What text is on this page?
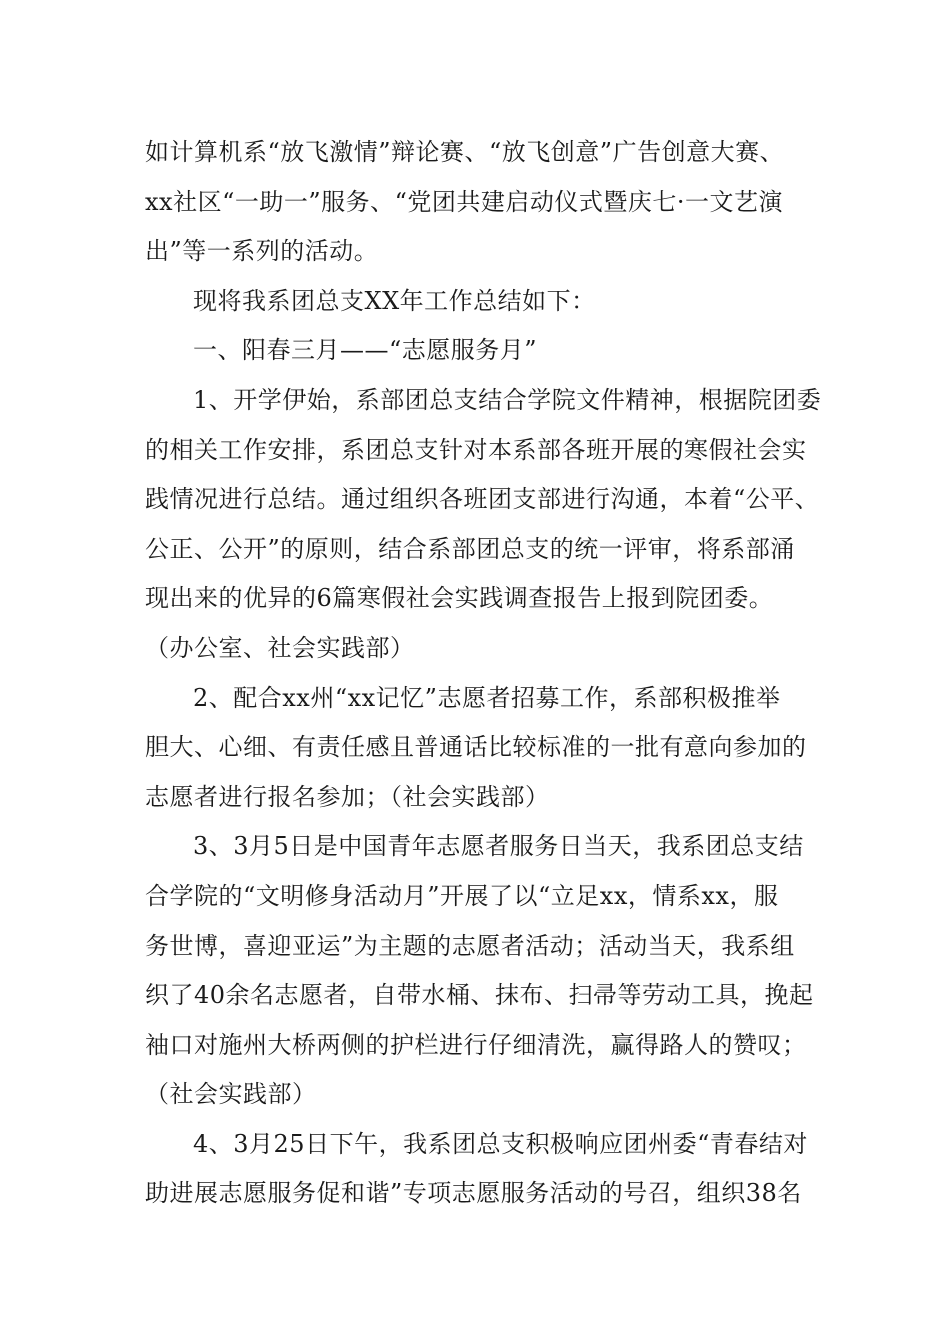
如计算机系“放飞激情”辩论赛、“放飞创意”广告创意大赛、
xx社区“一助一”服务、“党团共建启动仪式暨庆七·一文艺演
出”等一系列的活动。
现将我系团总支XX年工作总结如下：
一、阳春三月——“志愿服务月”
1、开学伊始，系部团总支结合学院文件精神，根据院团委
的相关工作安排，系团总支针对本系部各班开展的寒假社会实
践情况进行总结。通过组织各班团支部进行沟通，本着“公平、
公正、公开”的原则，结合系部团总支的统一评审，将系部涌
现出来的优异的6篇寒假社会实践调查报告上报到院团委。
（办公室、社会实践部）
2、配合xx州“xx记忆”志愿者招募工作，系部积极推举
胆大、心细、有责任感且普通话比较标准的一批有意向参加的
志愿者进行报名参加；（社会实践部）
3、3月5日是中国青年志愿者服务日当天，我系团总支结
合学院的“文明修身活动月”开展了以“立足xx，情系xx，服
务世博，喜迎亚运”为主题的志愿者活动；活动当天，我系组
织了40余名志愿者，自带水桶、抹布、扫帚等劳动工具，挽起
袖口对施州大桥两侧的护栏进行仔细清洗，赢得路人的赞叹；
（社会实践部）
4、3月25日下午，我系团总支积极响应团州委“青春结对
助进展志愿服务促和谐”专项志愿服务活动的号召，组织38名
